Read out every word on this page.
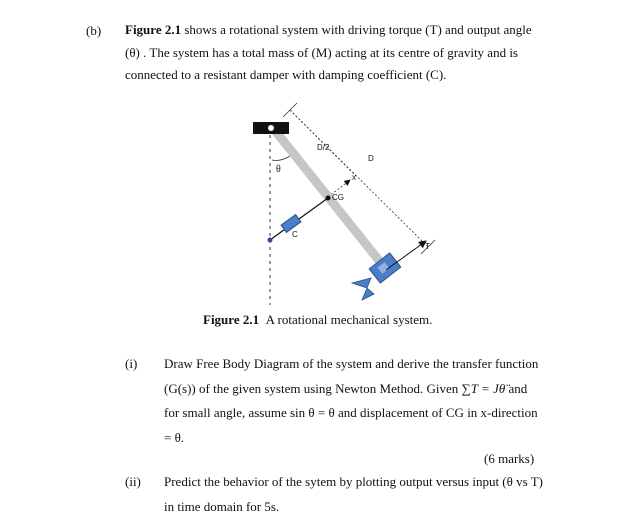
(b) Figure 2.1 shows a rotational system with driving torque (T) and output angle (θ) . The system has a total mass of (M) acting at its centre of gravity and is connected to a resistant damper with damping coefficient (C).
D/2
D
θ
x
CG
C
T
Figure 2.1 A rotational mechanical system.
(i) Draw Free Body Diagram of the system and derive the transfer function (G(s)) of the given system using Newton Method. Given ∑T = Jθ̈ and for small angle, assume sin θ = θ and displacement of CG in x-direction = θ.
(6 marks)
(ii) Predict the behavior of the sytem by plotting output versus input (θ vs T) in time domain for 5s.
